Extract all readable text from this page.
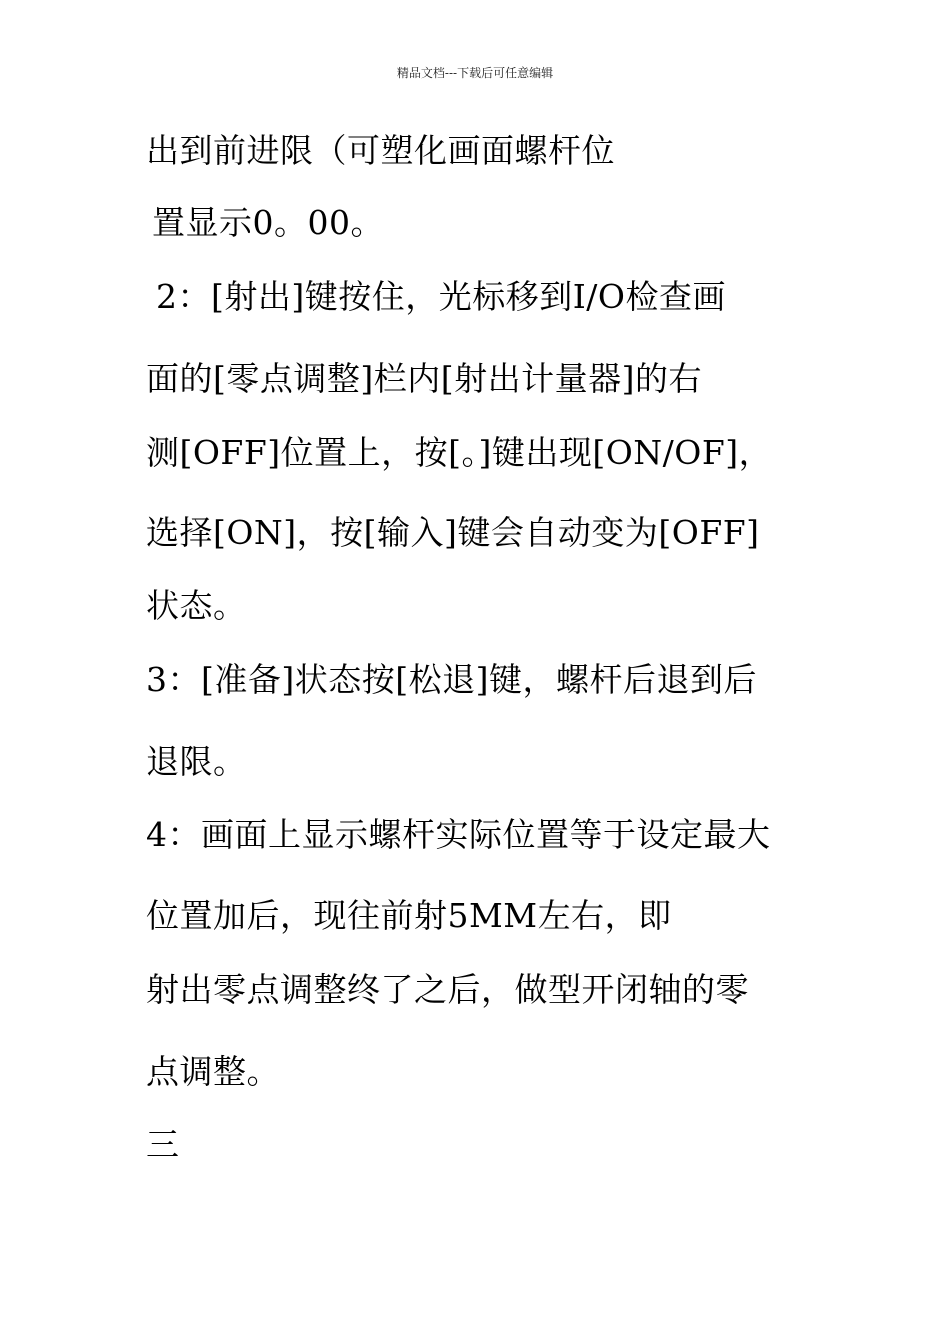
精品文档---下载后可任意编辑
出到前进限（可塑化画面螺杆位
置显示0。00。
2：[射出]键按住，光标移到I/O检查画
面的[零点调整]栏内[射出计量器]的右
测[OFF]位置上，按[。]键出现[ON/OF]，
选择[ON]，按[输入]键会自动变为[OFF]
状态。
3：[准备]状态按[松退]键，螺杆后退到后
退限。
4：画面上显示螺杆实际位置等于设定最大
位置加后，现往前射5MM左右，即
射出零点调整终了之后，做型开闭轴的零
点调整。
三
